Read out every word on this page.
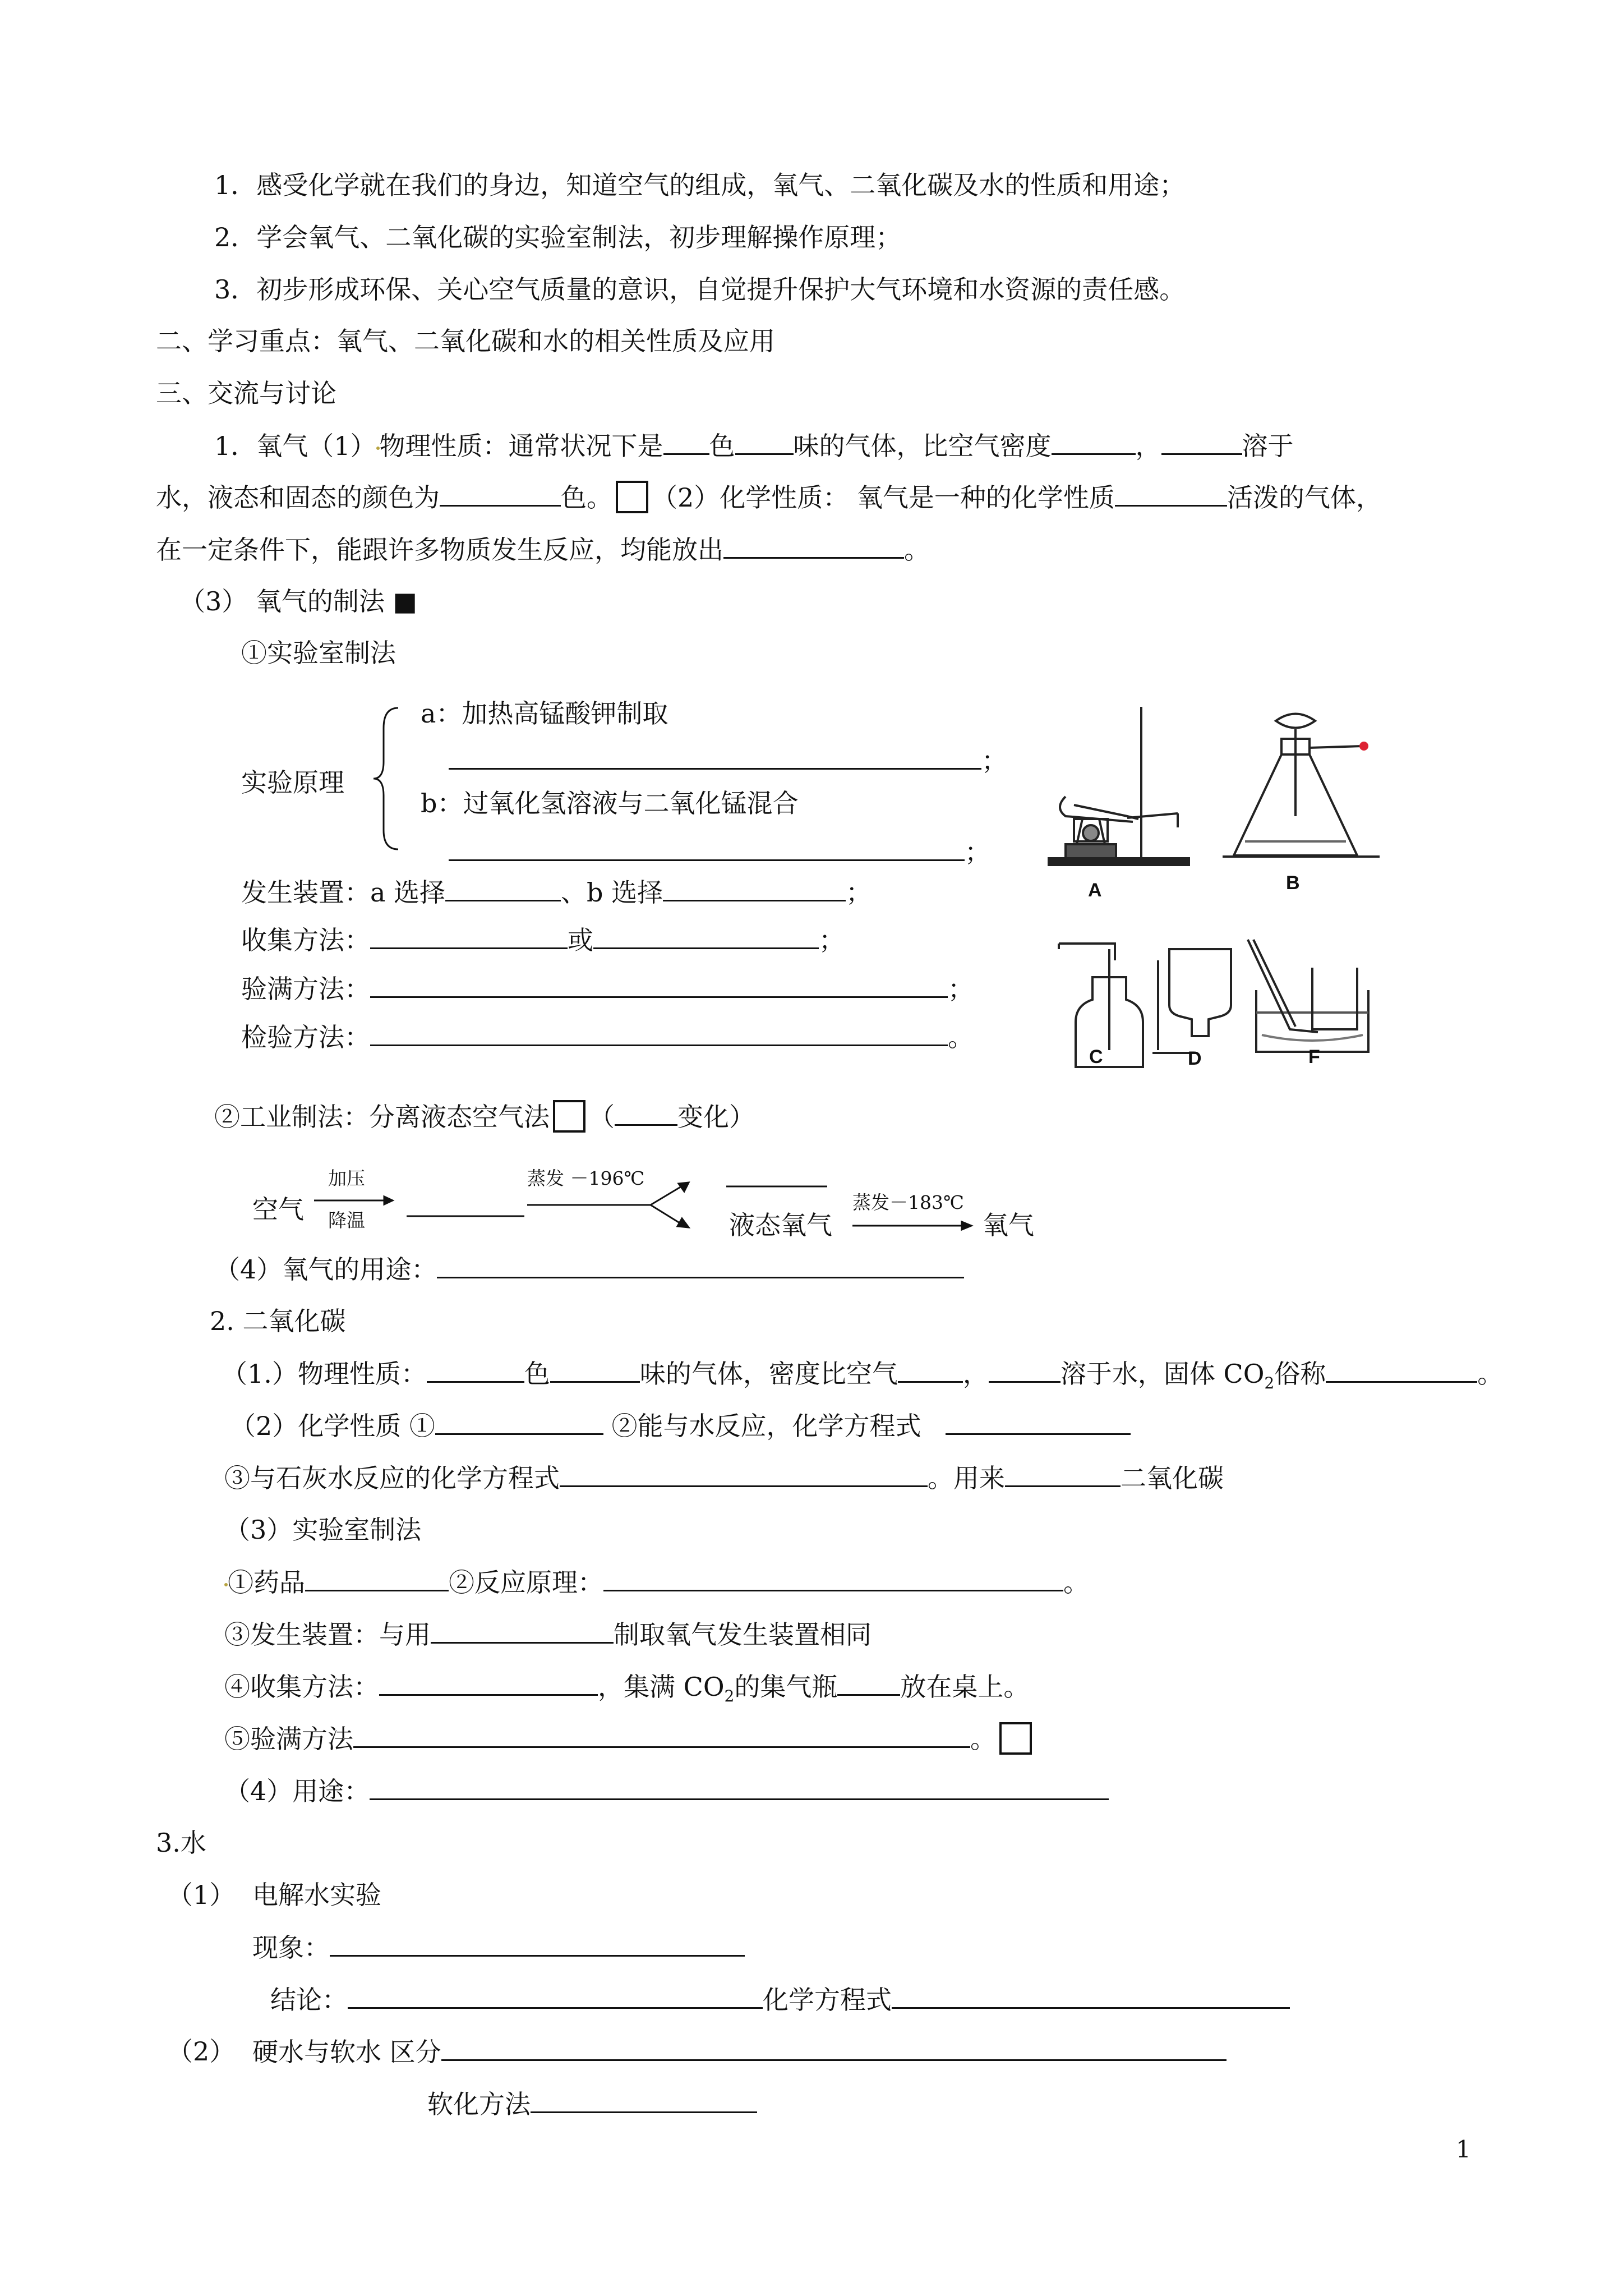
1．感受化学就在我们的身边，知道空气的组成，氧气、二氧化碳及水的性质和用途；
2．学会氧气、二氧化碳的实验室制法，初步理解操作原理；
3．初步形成环保、关心空气质量的意识，自觉提升保护大气环境和水资源的责任感。
二、学习重点：氧气、二氧化碳和水的相关性质及应用
三、交流与讨论
1．氧气（1） 物理性质：通常状况下是 色 味的气体，比空气密度	，	溶于
水，液态和固态的颜色为	色。 （2）化学性质： 氧气是一种的化学性质	活泼的气体，
在一定条件下，能跟许多物质发生反应，均能放出	。
（3） 氧气的制法 ■
①实验室制法
实验原理
a：加热高锰酸钾制取
；
b：过氧化氢溶液与二氧化锰混合
；
发生装置：a 选择	、b 选择	；
收集方法：	或	；
验满方法：	；
检验方法：	。
A	B
C	D	F
②工业制法：分离液态空气法 （ 变化）
空气
加压
降温
蒸发 －196℃
液态氧气
蒸发－183℃
氧气
（4）氧气的用途：
2. 二氧化碳
（1.）物理性质：	色	味的气体，密度比空气	，	溶于水，固体 $CO_2$俗称	。
（2）化学性质 ①	②能与水反应，化学方程式
③与石灰水反应的化学方程式	。用来	二氧化碳
（3）实验室制法
①药品	②反应原理：	。
③发生装置：与用	制取氧气发生装置相同
④收集方法：	，集满 $CO_2$的集气瓶 放在桌上。
⑤验满方法	。
（4）用途：
3.水
（1） 电解水实验
现象：
结论：	化学方程式
（2） 硬水与软水 区分
软化方法
1
